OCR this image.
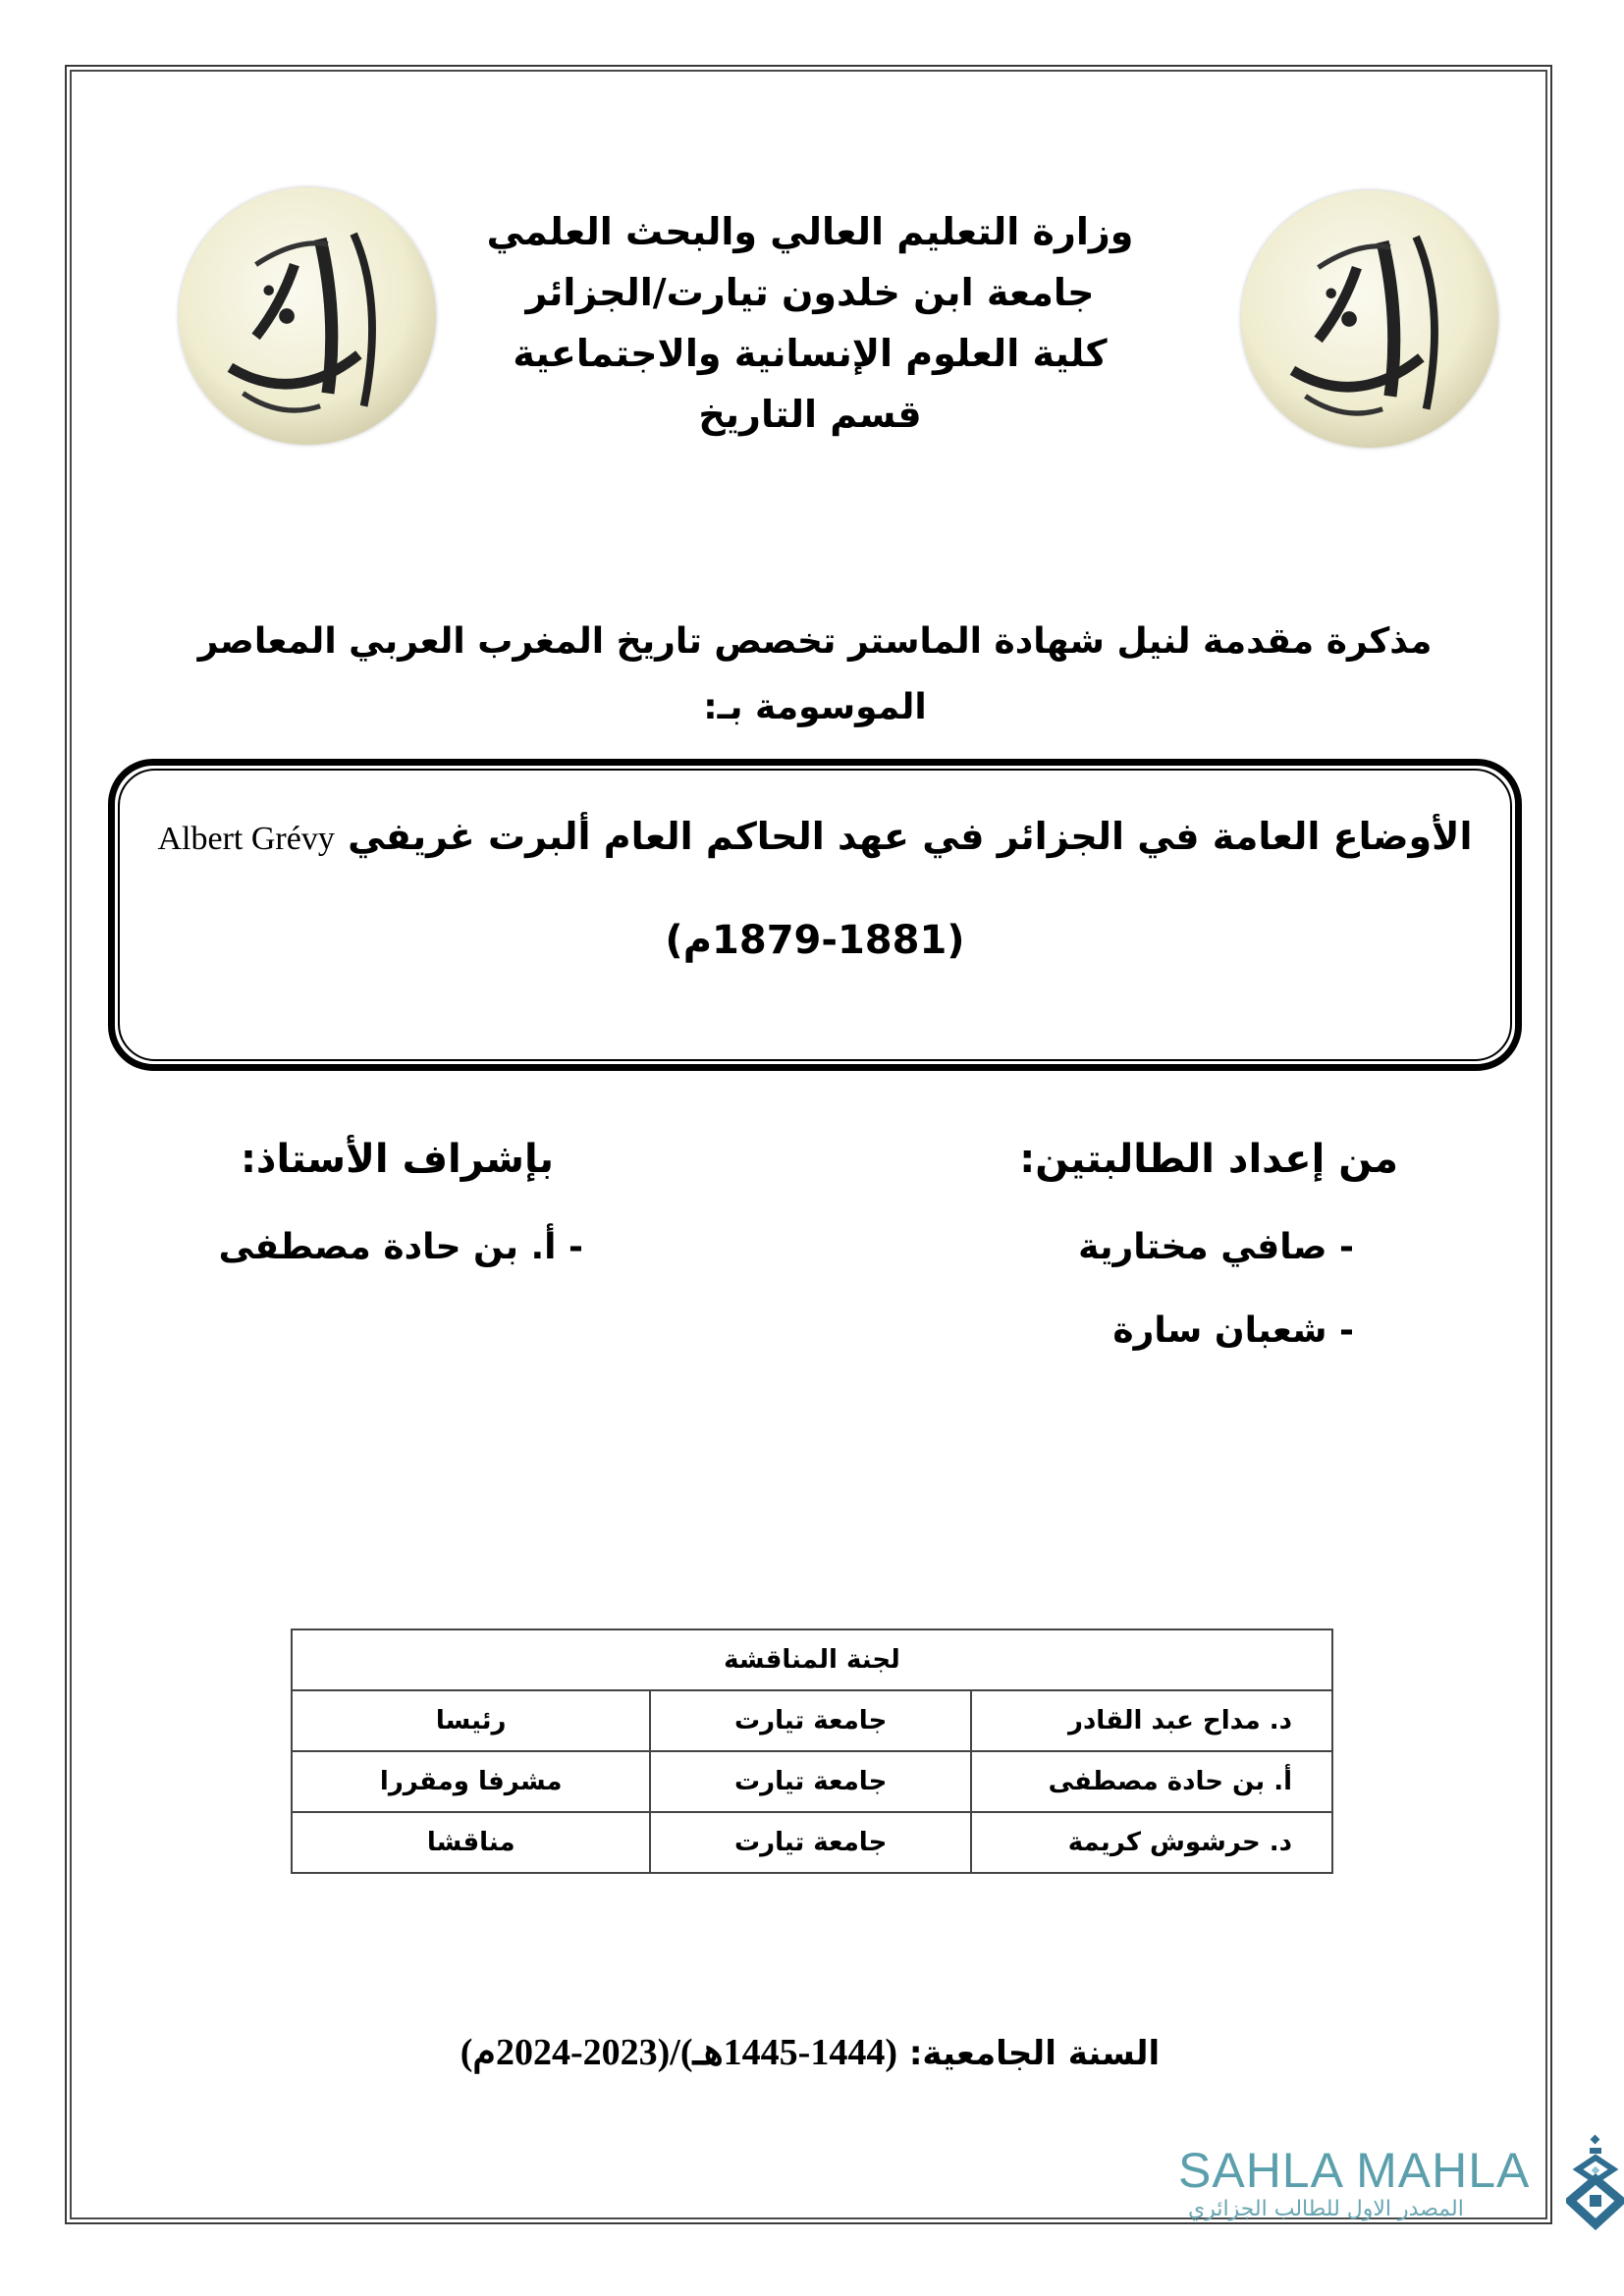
وزارة التعليم العالي والبحث العلمي

جامعة ابن خلدون تيارت/الجزائر

كلية العلوم الإنسانية والاجتماعية

قسم التاريخ

مذكرة مقدمة لنيل شهادة الماستر تخصص تاريخ المغرب العربي المعاصر
الموسومة بـ:
الأوضاع العامة في الجزائر في عهد الحاكم العام ألبرت غريفي Albert Grévy
(1879-1881م)
من إعداد الطالبتين:
بإشراف الأستاذ:
- صافي مختارية
- شعبان سارة
- أ. بن حادة مصطفى
لجنة المناقشة		
د. مداح عبد القادر	جامعة تيارت	رئيسا
أ. بن حادة مصطفى	جامعة تيارت	مشرفا ومقررا
د. حرشوش كريمة	جامعة تيارت	مناقشا
السنة الجامعية: (1444-1445هـ)/(2023-2024م)
SAHLA MAHLA
المصدر الاول للطالب الجزائري
